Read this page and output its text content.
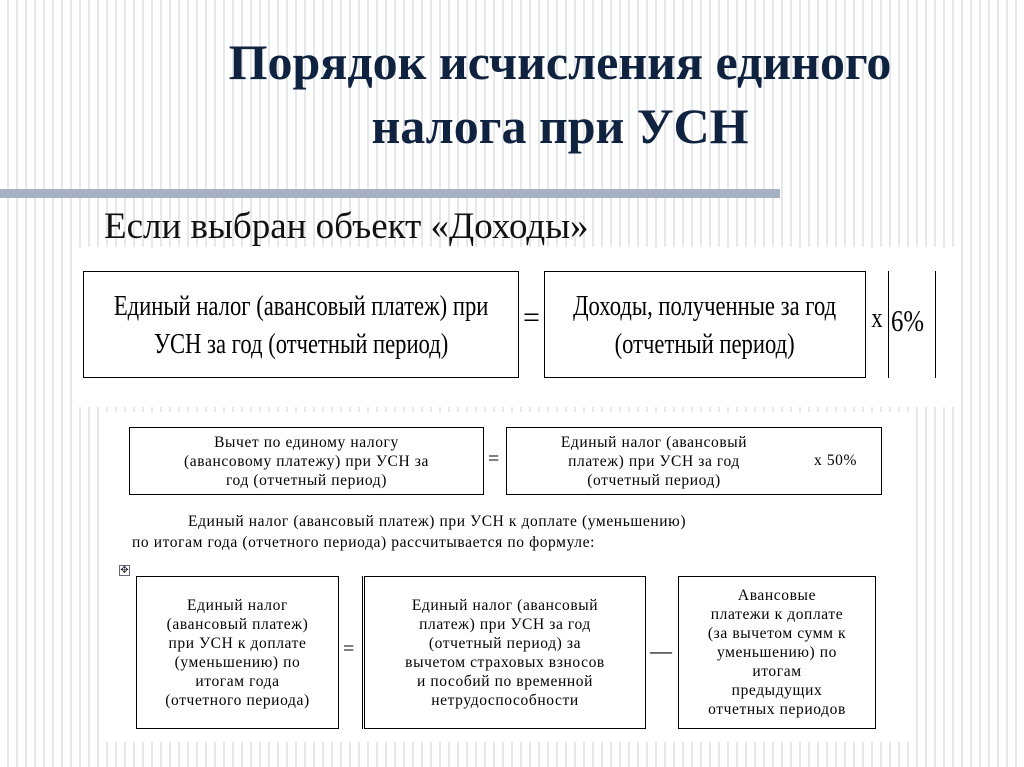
Порядок исчисления единого
налога при УСН
Если выбран объект «Доходы»
Единый налог (авансовый платеж) при
УСН за год (отчетный период)
= Доходы, полученные за год
(отчетный период)
х 6%
Вычет по единому налогу
(авансовому платежу) при УСН за
год (отчетный период)
=
Единый налог (авансовый
платеж) при УСН за год
(отчетный период)
х 50%
Единый налог (авансовый платеж) при УСН к доплате (уменьшению)
по итогам года (отчетного периода) рассчитывается по формуле:
Единый налог
(авансовый платеж)
при УСН к доплате
(уменьшению) по
итогам года
(отчетного периода)
=
Единый налог (авансовый
платеж) при УСН за год
(отчетный период) за
вычетом страховых взносов
и пособий по временной
нетрудоспособности
—
Авансовые
платежи к доплате
(за вычетом сумм к
уменьшению) по
итогам
предыдущих
отчетных периодов
✥
